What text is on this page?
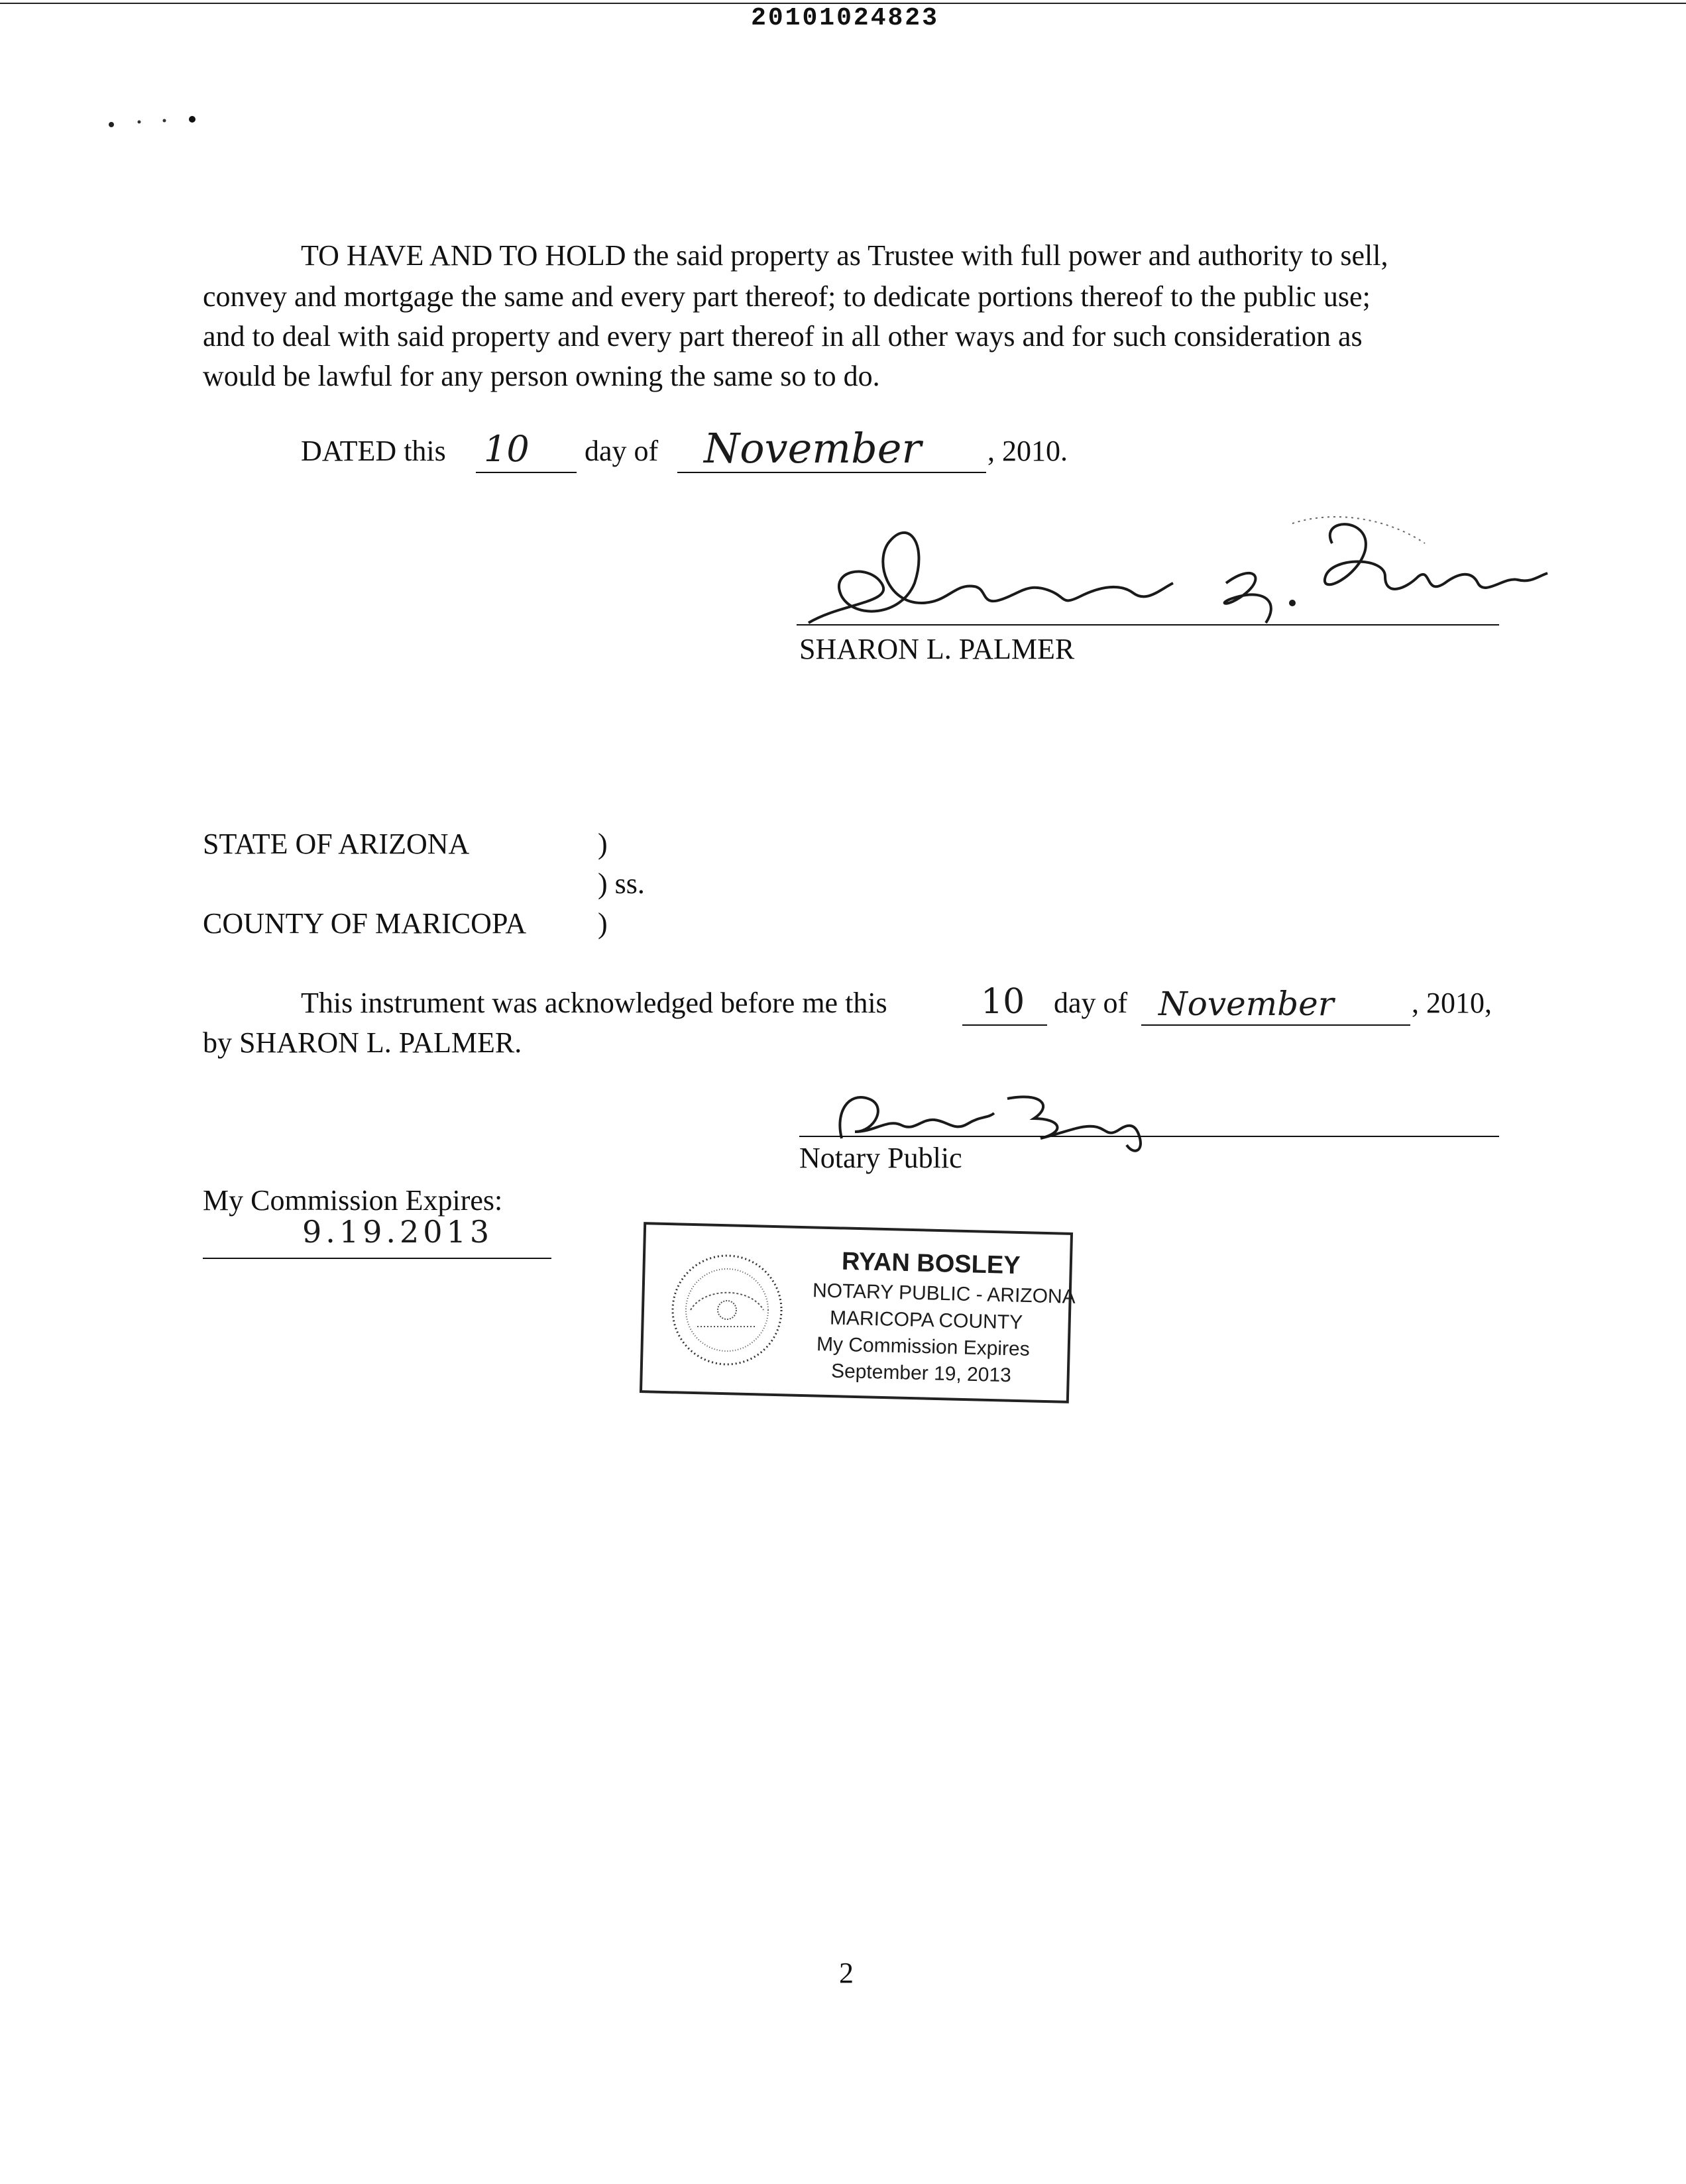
20101024823
TO HAVE AND TO HOLD the said property as Trustee with full power and authority to sell,
convey and mortgage the same and every part thereof; to dedicate portions thereof to the public use;
and to deal with said property and every part thereof in all other ways and for such consideration as
would be lawful for any person owning the same so to do.
DATED this 10 day of November , 2010.
SHARON L. PALMER
STATE OF ARIZONA	)
) ss.
COUNTY OF MARICOPA )
This instrument was acknowledged before me this	10 day of November	, 2010,
by SHARON L. PALMER.
Notary Public
My Commission Expires:
9.19.2013
RYAN BOSLEY
NOTARY PUBLIC - ARIZONA
MARICOPA COUNTY
My Commission Expires
September 19, 2013
2
